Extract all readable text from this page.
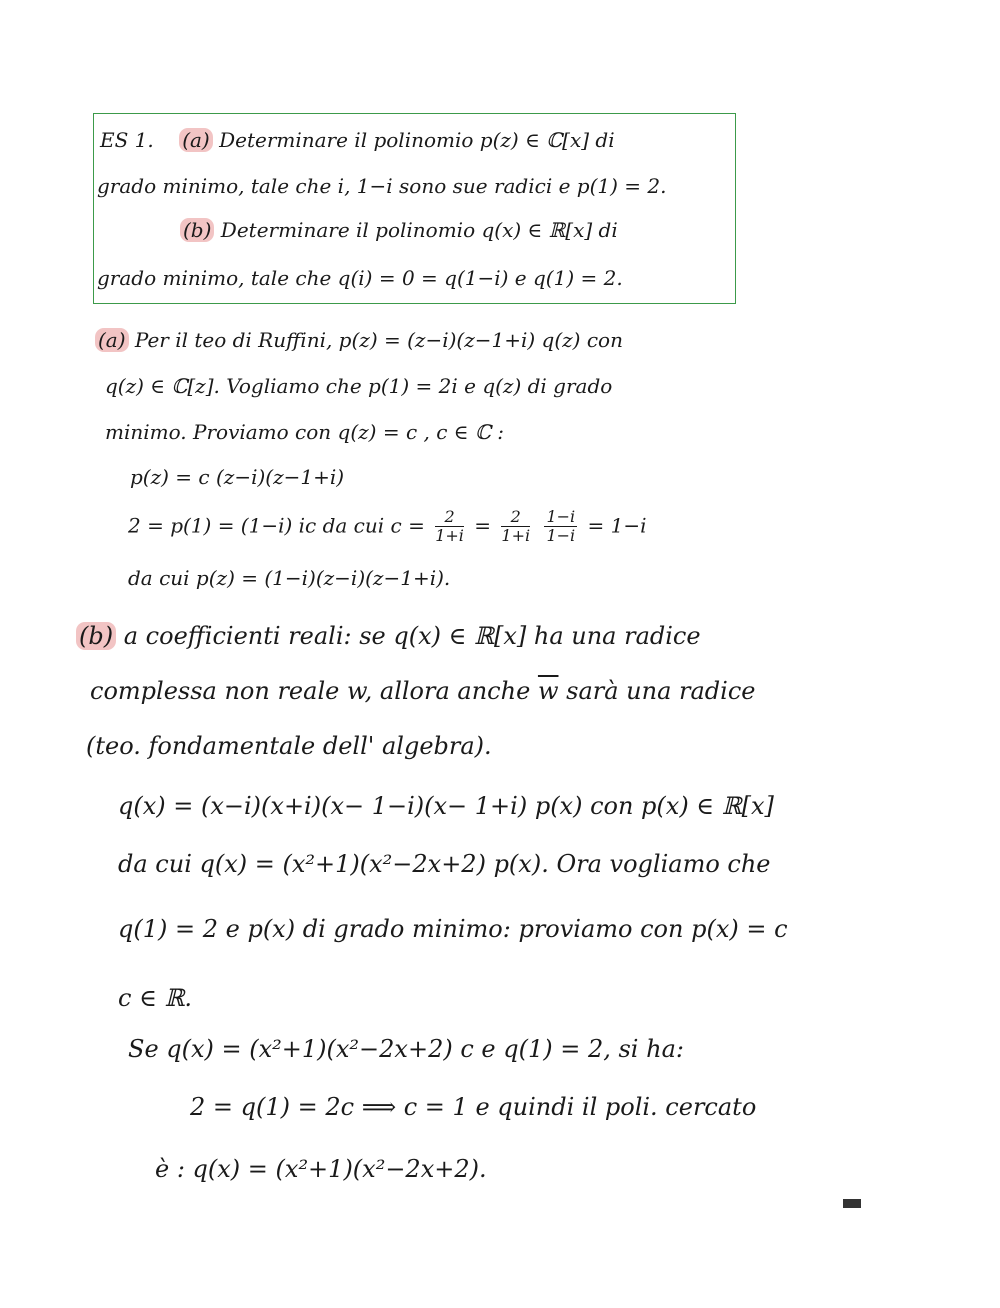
ES 1. (a) Determinare il polinomio p(z) ∈ ℂ[x] di
grado minimo, tale che i, 1−i sono sue radici e p(1) = 2.
(b) Determinare il polinomio q(x) ∈ ℝ[x] di
grado minimo, tale che q(i) = 0 = q(1−i) e q(1) = 2.
(a) Per il teo di Ruffini, p(z) = (z−i)(z−1+i) q(z) con
q(z) ∈ ℂ[z]. Vogliamo che p(1) = 2i e q(z) di grado
minimo. Proviamo con q(z) = c , c ∈ ℂ :
p(z) = c (z−i)(z−1+i)
2 = p(1) = (1−i) ic da cui $c = \frac{2}{1+i} = \frac{2}{1+i}$
$\frac{1-i}{1-i} = 1-i$
da cui p(z) = (1−i)(z−i)(z−1+i).
(b) a coefficienti reali: se q(x) ∈ ℝ[x] ha una radice
complessa non reale w, allora anche $\overline{w}$ sarà una radice
(teo. fondamentale dell' algebra).
q(x) = (x−i)(x+i)(x− 1−i)(x− 1+i) p(x) con p(x) ∈ ℝ[x]
da cui q(x) = (x²+1)(x²−2x+2) p(x). Ora vogliamo che
q(1) = 2 e p(x) di grado minimo: proviamo con p(x) = c
c ∈ ℝ.
Se q(x) = (x²+1)(x²−2x+2) c e q(1) = 2, si ha:
2 = q(1) = 2c ⟹ c = 1 e quindi il poli. cercato
è : q(x) = (x²+1)(x²−2x+2).
